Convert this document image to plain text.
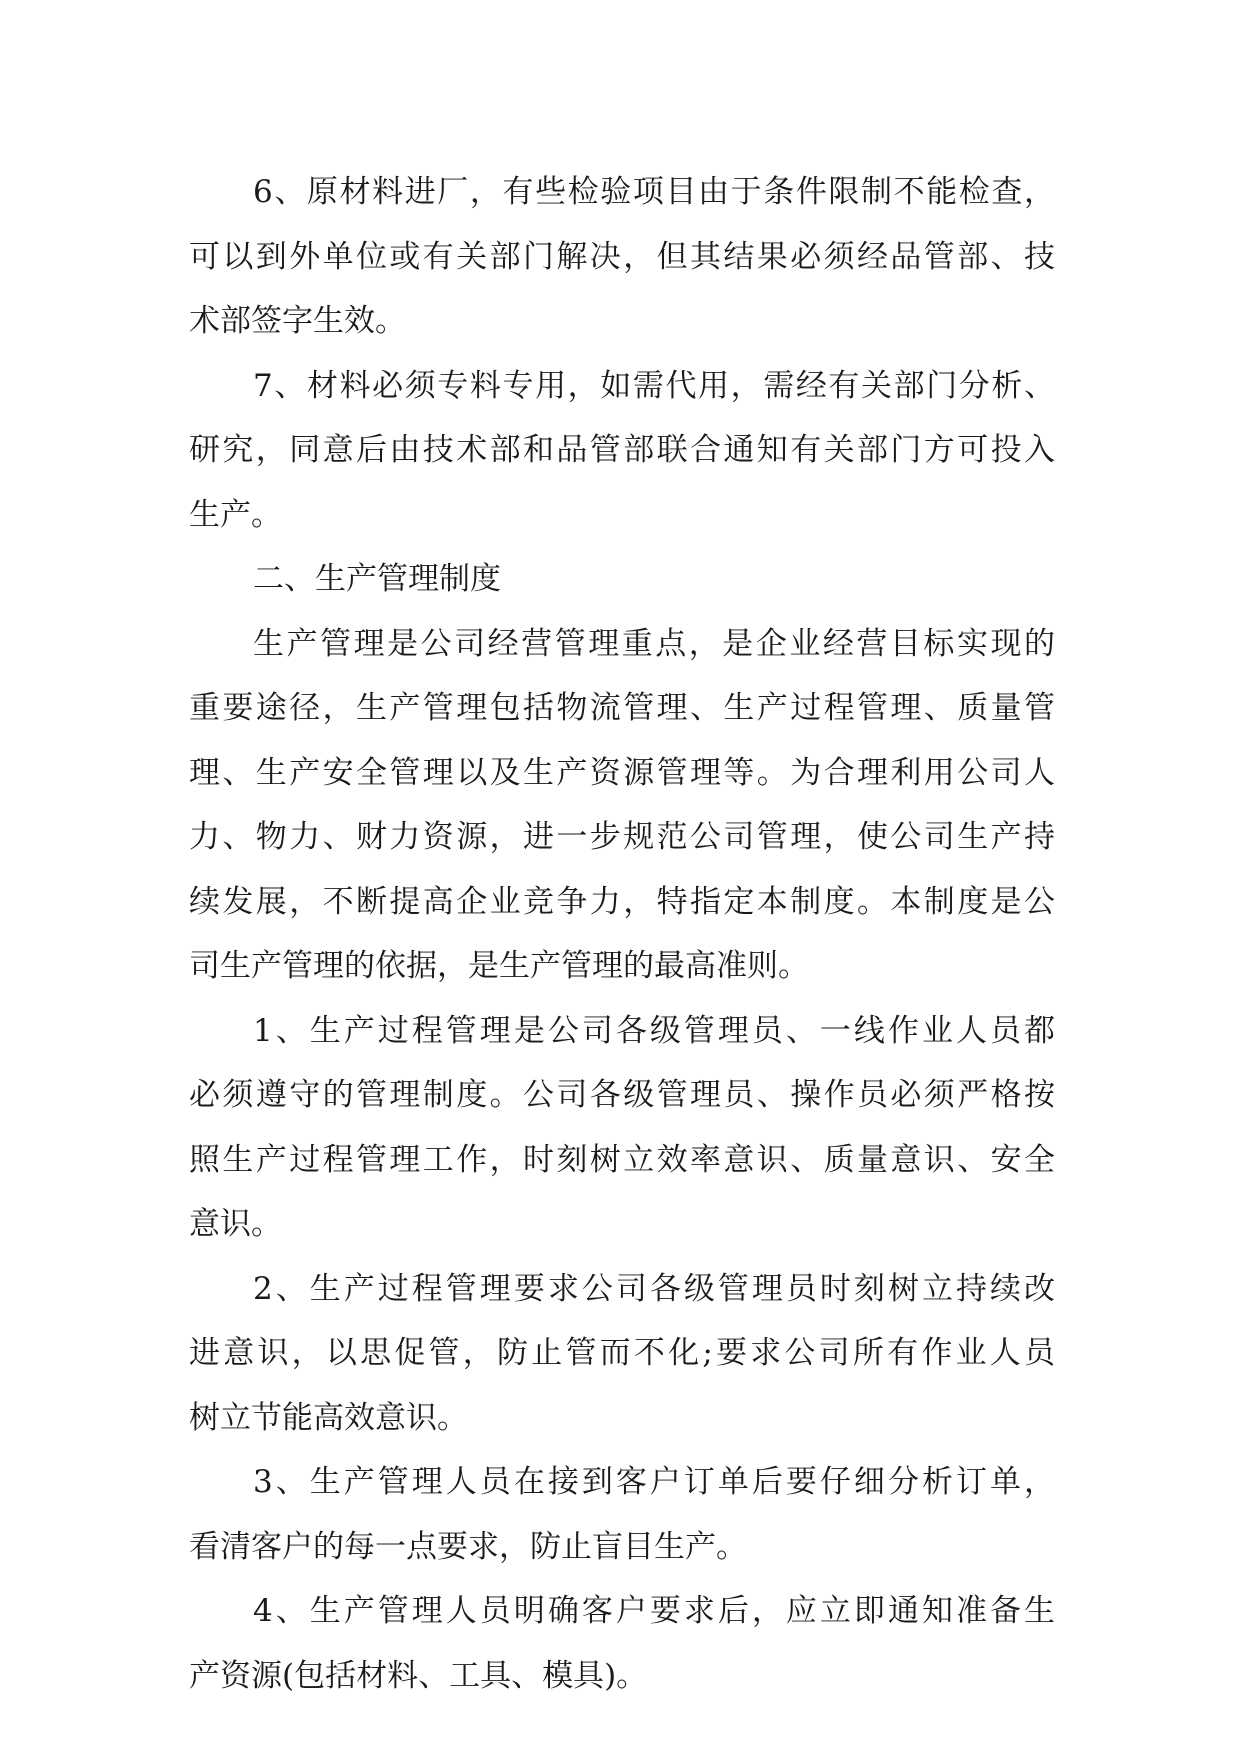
6、原材料进厂，有些检验项目由于条件限制不能检查，
可以到外单位或有关部门解决，但其结果必须经品管部、技
术部签字生效。
7、材料必须专料专用，如需代用，需经有关部门分析、
研究，同意后由技术部和品管部联合通知有关部门方可投入
生产。
二、生产管理制度
生产管理是公司经营管理重点，是企业经营目标实现的
重要途径，生产管理包括物流管理、生产过程管理、质量管
理、生产安全管理以及生产资源管理等。为合理利用公司人
力、物力、财力资源，进一步规范公司管理，使公司生产持
续发展，不断提高企业竞争力，特指定本制度。本制度是公
司生产管理的依据，是生产管理的最高准则。
1、生产过程管理是公司各级管理员、一线作业人员都
必须遵守的管理制度。公司各级管理员、操作员必须严格按
照生产过程管理工作，时刻树立效率意识、质量意识、安全
意识。
2、生产过程管理要求公司各级管理员时刻树立持续改
进意识，以思促管，防止管而不化;要求公司所有作业人员
树立节能高效意识。
3、生产管理人员在接到客户订单后要仔细分析订单，
看清客户的每一点要求，防止盲目生产。
4、生产管理人员明确客户要求后，应立即通知准备生
产资源(包括材料、工具、模具)。
